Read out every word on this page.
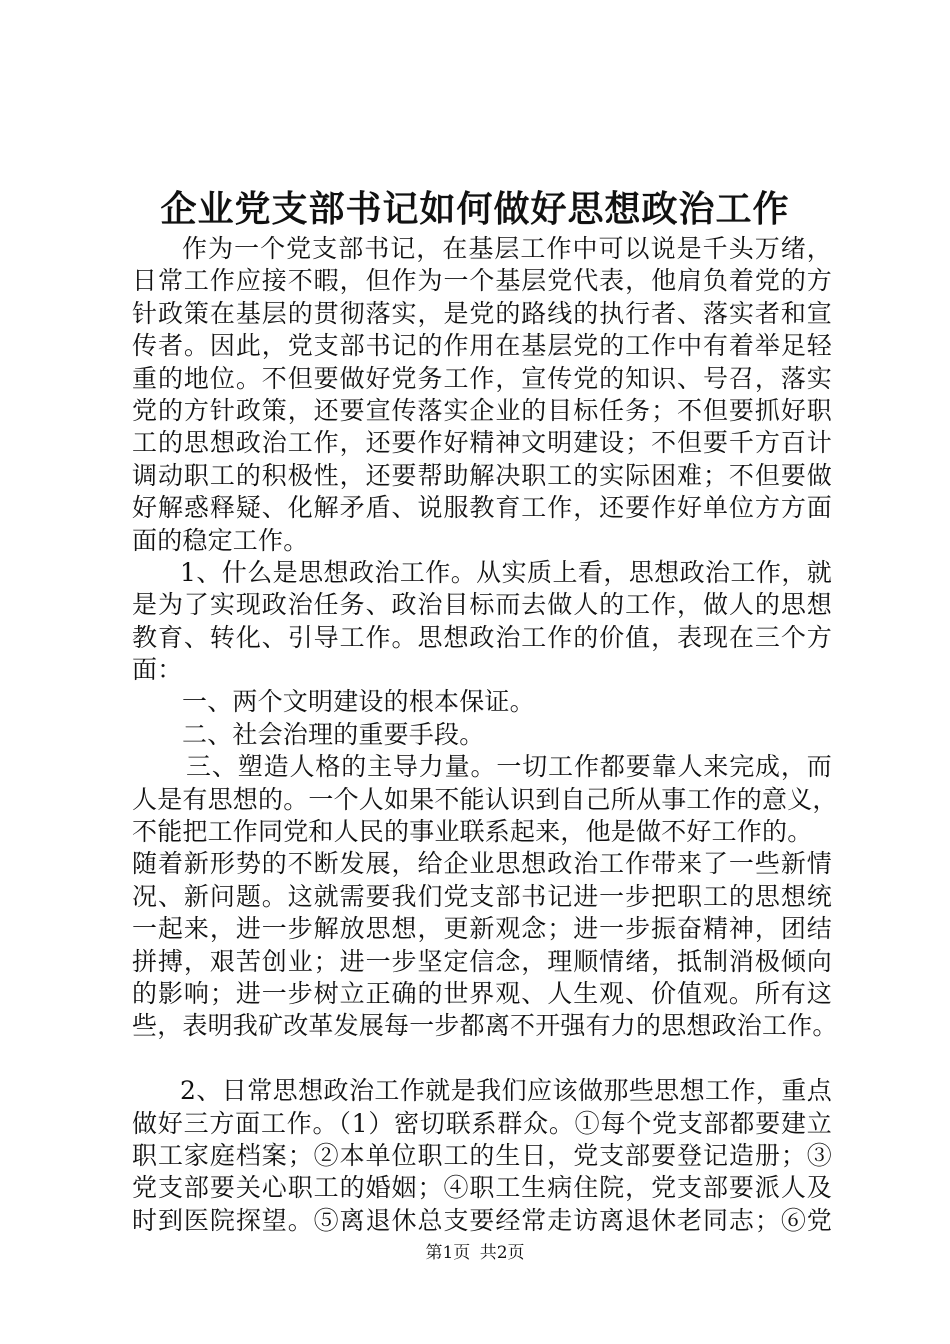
企业党支部书记如何做好思想政治工作
作为一个党支部书记，在基层工作中可以说是千头万绪，
日常工作应接不暇，但作为一个基层党代表，他肩负着党的方
针政策在基层的贯彻落实，是党的路线的执行者、落实者和宣
传者。因此，党支部书记的作用在基层党的工作中有着举足轻
重的地位。不但要做好党务工作，宣传党的知识、号召，落实
党的方针政策，还要宣传落实企业的目标任务；不但要抓好职
工的思想政治工作，还要作好精神文明建设；不但要千方百计
调动职工的积极性，还要帮助解决职工的实际困难；不但要做
好解惑释疑、化解矛盾、说服教育工作，还要作好单位方方面
面的稳定工作。
1、什么是思想政治工作。从实质上看，思想政治工作，就
是为了实现政治任务、政治目标而去做人的工作，做人的思想
教育、转化、引导工作。思想政治工作的价值，表现在三个方
面：
一、两个文明建设的根本保证。
二、社会治理的重要手段。
三、塑造人格的主导力量。一切工作都要靠人来完成，而
人是有思想的。一个人如果不能认识到自己所从事工作的意义，
不能把工作同党和人民的事业联系起来，他是做不好工作的。
随着新形势的不断发展，给企业思想政治工作带来了一些新情
况、新问题。这就需要我们党支部书记进一步把职工的思想统
一起来，进一步解放思想，更新观念；进一步振奋精神，团结
拼搏，艰苦创业；进一步坚定信念，理顺情绪，抵制消极倾向
的影响；进一步树立正确的世界观、人生观、价值观。所有这
些，表明我矿改革发展每一步都离不开强有力的思想政治工作。
2、日常思想政治工作就是我们应该做那些思想工作，重点
做好三方面工作。（1）密切联系群众。①每个党支部都要建立
职工家庭档案；②本单位职工的生日，党支部要登记造册；③
党支部要关心职工的婚姻；④职工生病住院，党支部要派人及
时到医院探望。⑤离退休总支要经常走访离退休老同志；⑥党
第1页 共2页
